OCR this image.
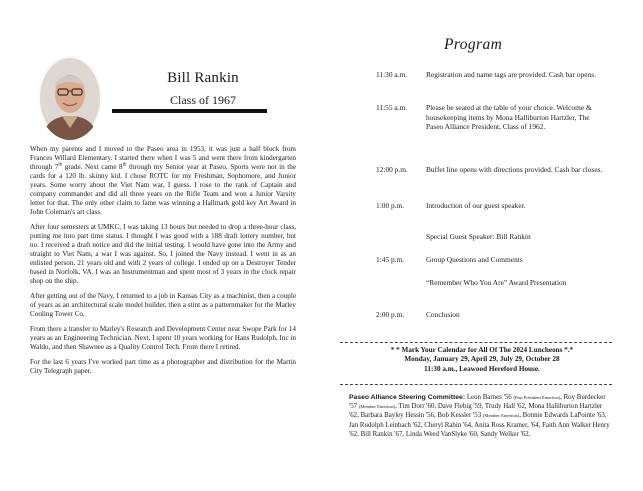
Bill Rankin
Class of 1967

When my parents and I moved to the Paseo area in 1953, it was just a half block from Frances Willard Elementary. I started there when I was 5 and went there from kindergarten through 7th grade. Next came 8th through my Senior year at Paseo. Sports were not in the cards for a 120 lb. skinny kid. I chose ROTC for my Freshman, Sophomore, and Junior years. Some worry about the Viet Nam war, I guess. I rose to the rank of Captain and company commander and did all three years on the Rifle Team and won a Junior Varsity letter for that. The only other claim to fame was winning a Hallmark gold key Art Award in John Coleman's art class.

After four semesters at UMKC, I was taking 13 hours but needed to drop a three-hour class, putting me into part time status. I thought I was good with a 188 draft lottery number, but no. I received a draft notice and did the initial testing. I would have gone into the Army and straight to Viet Nam, a war I was against. So, I joined the Navy instead. I went in as an enlisted person, 21 years old and with 2 years of college. I ended up on a Destroyer Tender based in Norfolk, VA. I was an Instrumentman and spent most of 3 years in the clock repair shop on the ship.

After getting out of the Navy, I returned to a job in Kansas City as a machinist, then a couple of years as an architectural scale model builder, then a stint as a patternmaker for the Marley Cooling Tower Co.

From there a transfer to Marley's Research and Development Center near Swope Park for 14 years as an Engineering Technician. Next, I spent 10 years working for Hans Rudolph, Inc in Waldo, and then Shawnee as a Quality Control Tech. From there I retired.

For the last 6 years I've worked part time as a photographer and distribution for the Martin City Telegraph paper.

Program
11:30 a.m.	Registration and name tags are provided. Cash bar opens.
11:55 a.m.	Please be seated at the table of your choice. Welcome & housekeeping items by Mona Halliburton Hartzler, The Paseo Alliance President, Class of 1962.
12:00 p.m.	Buffet line opens with directions provided. Cash bar closes.
1:00 p.m.	Introduction of our guest speaker.
Special Guest Speaker: Bill Rankin
1:45 p.m.	Group Questions and Comments
“Remember Who You Are” Award Presentation
2:00 p.m.	Conclusion
* * Mark Your Calendar for All Of The 2024 Luncheons *.*
Monday, January 29, April 29, July 29, October 28
11:30 a.m., Leawood Hereford House.
Paseo Alliance Steering Committee: Leon Barnes '56 (Past President Emeritus), Roy Burdecker '57 (Member Emeritus), Tim Dorr '60, Dave Flebig '59, Trudy Hall '62, Mona Halliburton Hartzler '62, Barbara Bayley Hessin '56, Bob Kessler '53 (Member Emeritus), Bonnie Edwards LaPointe '63, Jan Rudolph Leinbach '62, Cheryl Rabin '64, Anita Ross Kramer, '64, Faith Ann Walker Henry '62, Bill Rankin '67, Linda Weed VanSlyke '60, Sandy Welker '62.
